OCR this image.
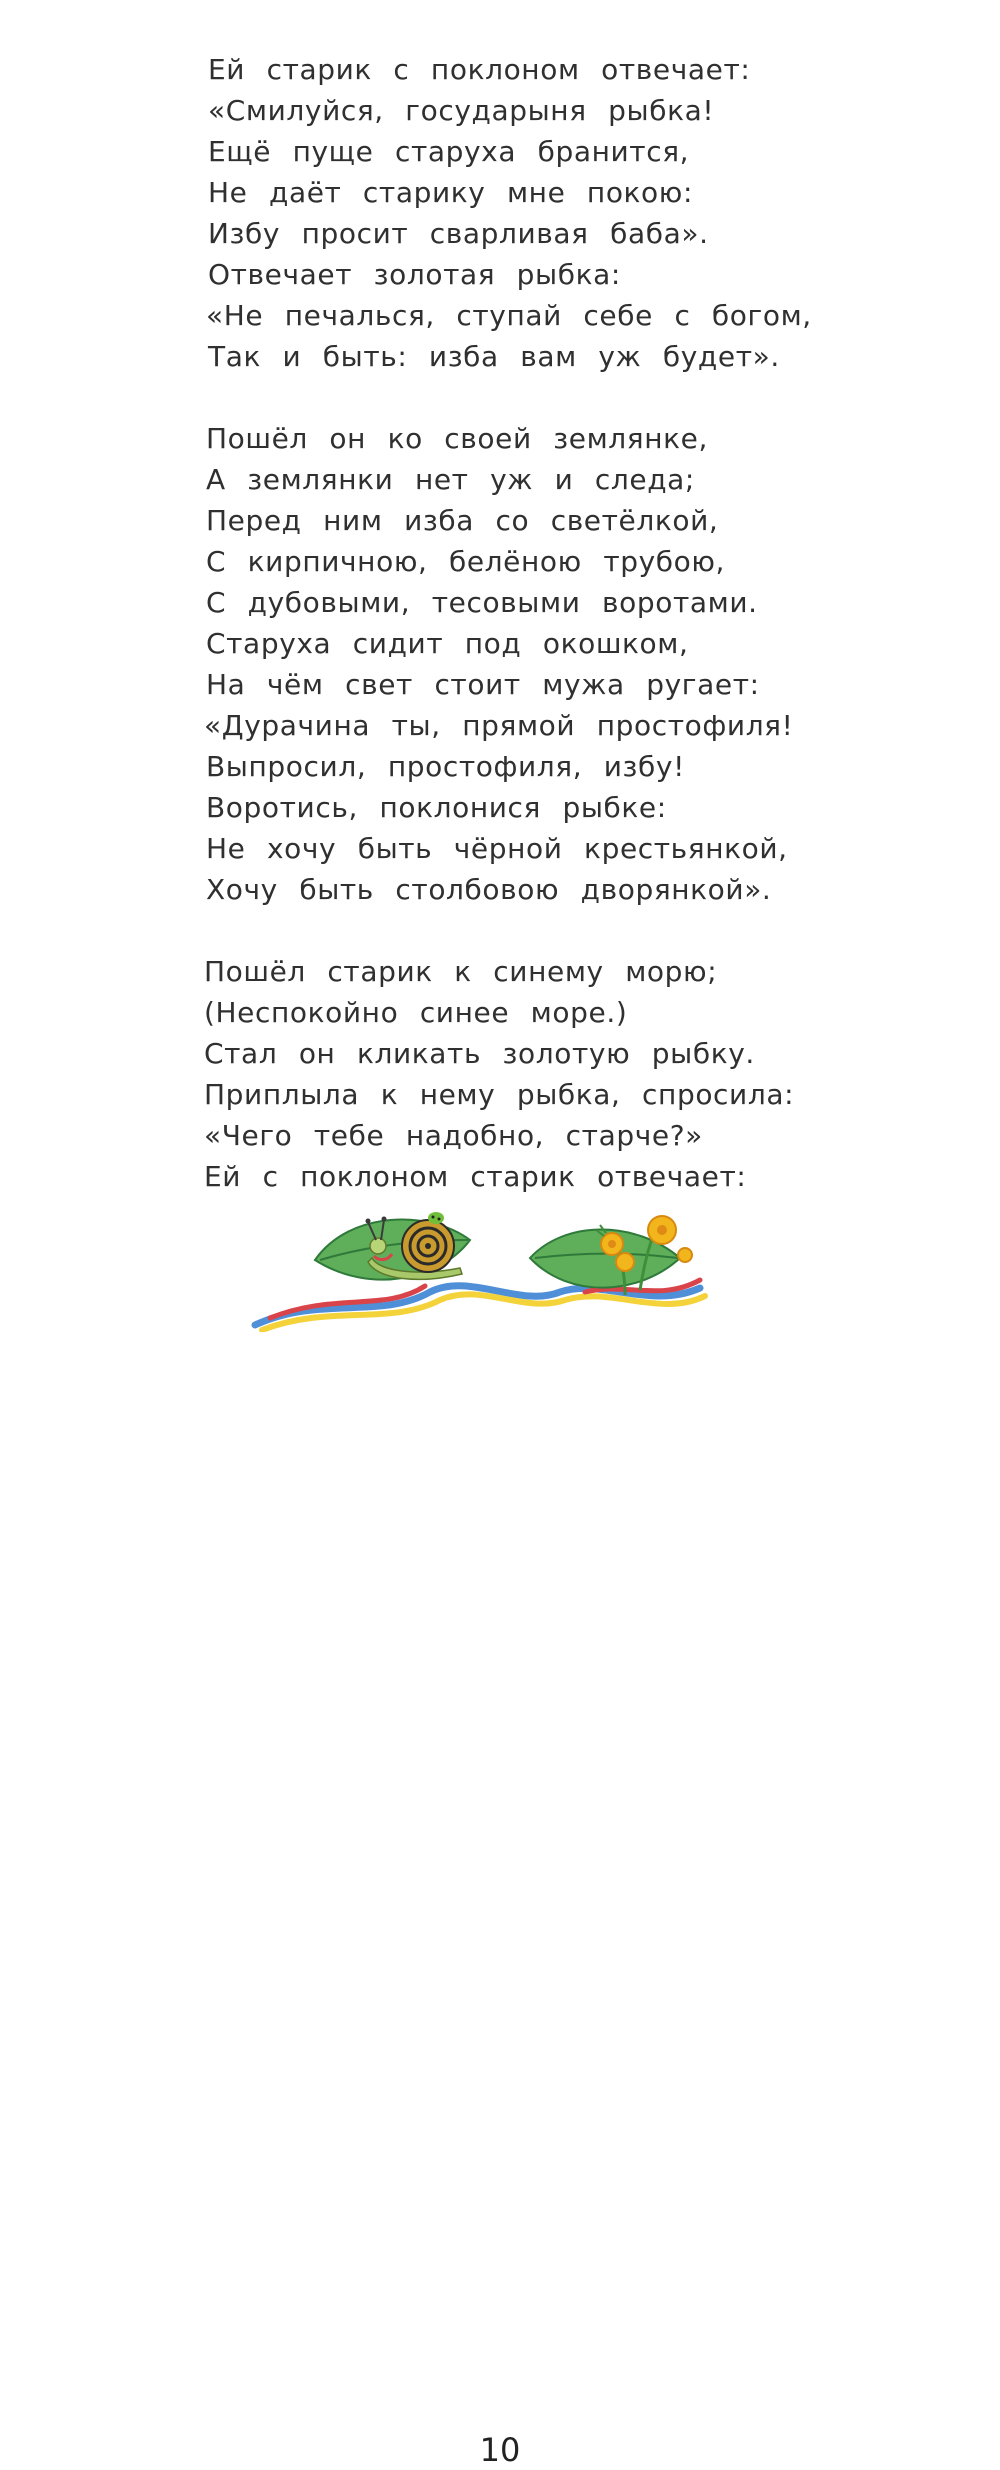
Ей старик с поклоном отвечает:
«Смилуйся, государыня рыбка!
Ещё пуще старуха бранится,
Не даёт старику мне покою:
Избу просит сварливая баба».
Отвечает золотая рыбка:
«Не печалься, ступай себе с богом,
Так и быть: изба вам уж будет».
Пошёл он ко своей землянке,
А землянки нет уж и следа;
Перед ним изба со светёлкой,
С кирпичною, белёною трубою,
С дубовыми, тесовыми воротами.
Старуха сидит под окошком,
На чём свет стоит мужа ругает:
«Дурачина ты, прямой простофиля!
Выпросил, простофиля, избу!
Воротись, поклонися рыбке:
Не хочу быть чёрной крестьянкой,
Хочу быть столбовою дворянкой».
Пошёл старик к синему морю;
(Неспокойно синее море.)
Стал он кликать золотую рыбку.
Приплыла к нему рыбка, спросила:
«Чего тебе надобно, старче?»
Ей с поклоном старик отвечает:
10
